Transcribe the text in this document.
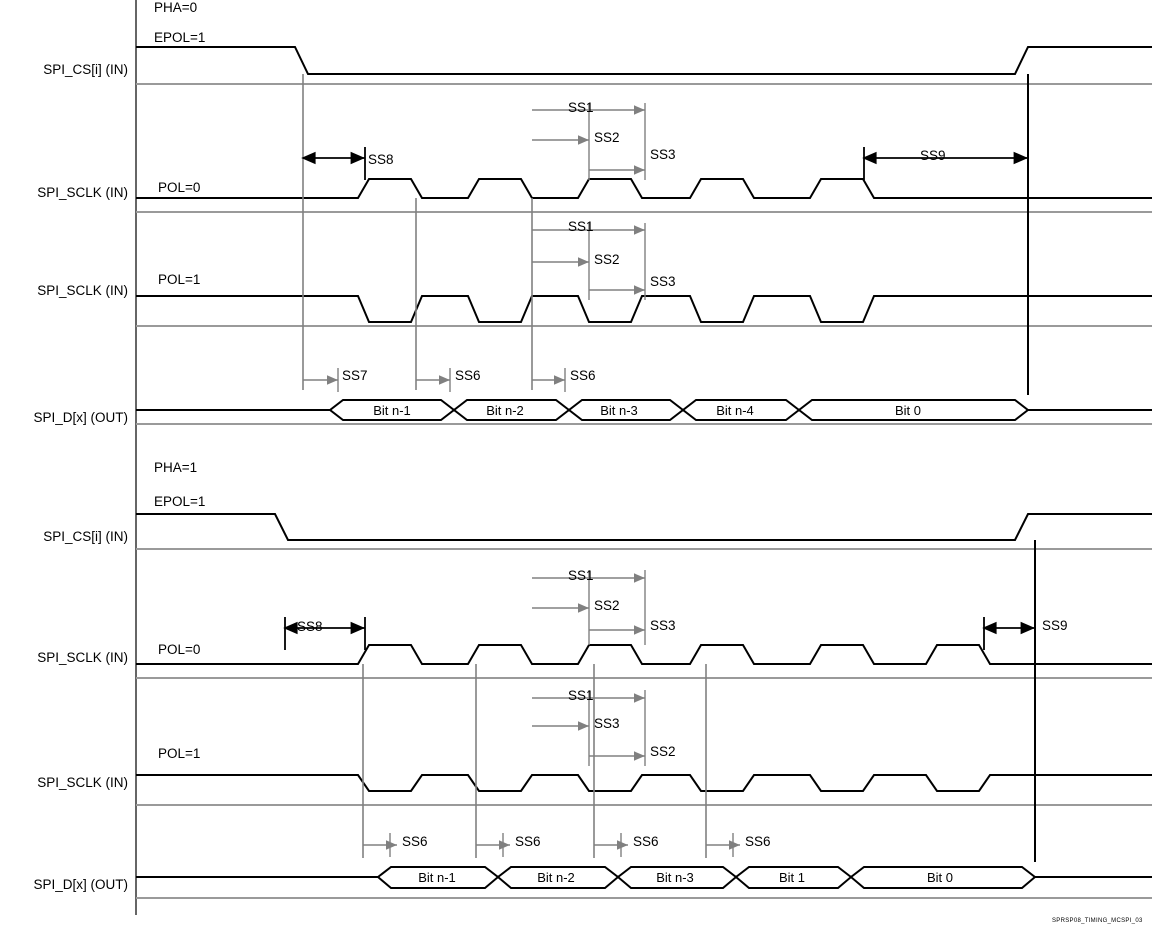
Bit n-1	Bit n-2	Bit n-3	Bit n-4	Bit 0
Bit n-1	Bit n-2	Bit n-3	Bit 1	Bit 0
PHA=0
EPOL=1
SPI_CS[i] (IN)
SPI_SCLK (IN)
SPI_SCLK (IN)
SPI_D[x] (OUT)
POL=0
POL=1
SS8
SS1
SS2
SS3	SS9
SS1
SS2
SS3
SS7	SS6	SS6
PHA=1
EPOL=1
SPI_CS[i] (IN)
SPI_SCLK (IN)
SPI_SCLK (IN)
SPI_D[x] (OUT)
POL=0
POL=1
SS8
SS1
SS2
SS3	SS9
SS1
SS3
SS2
SS6	SS6	SS6	SS6
SPRSP08_TIMING_MCSPI_03
